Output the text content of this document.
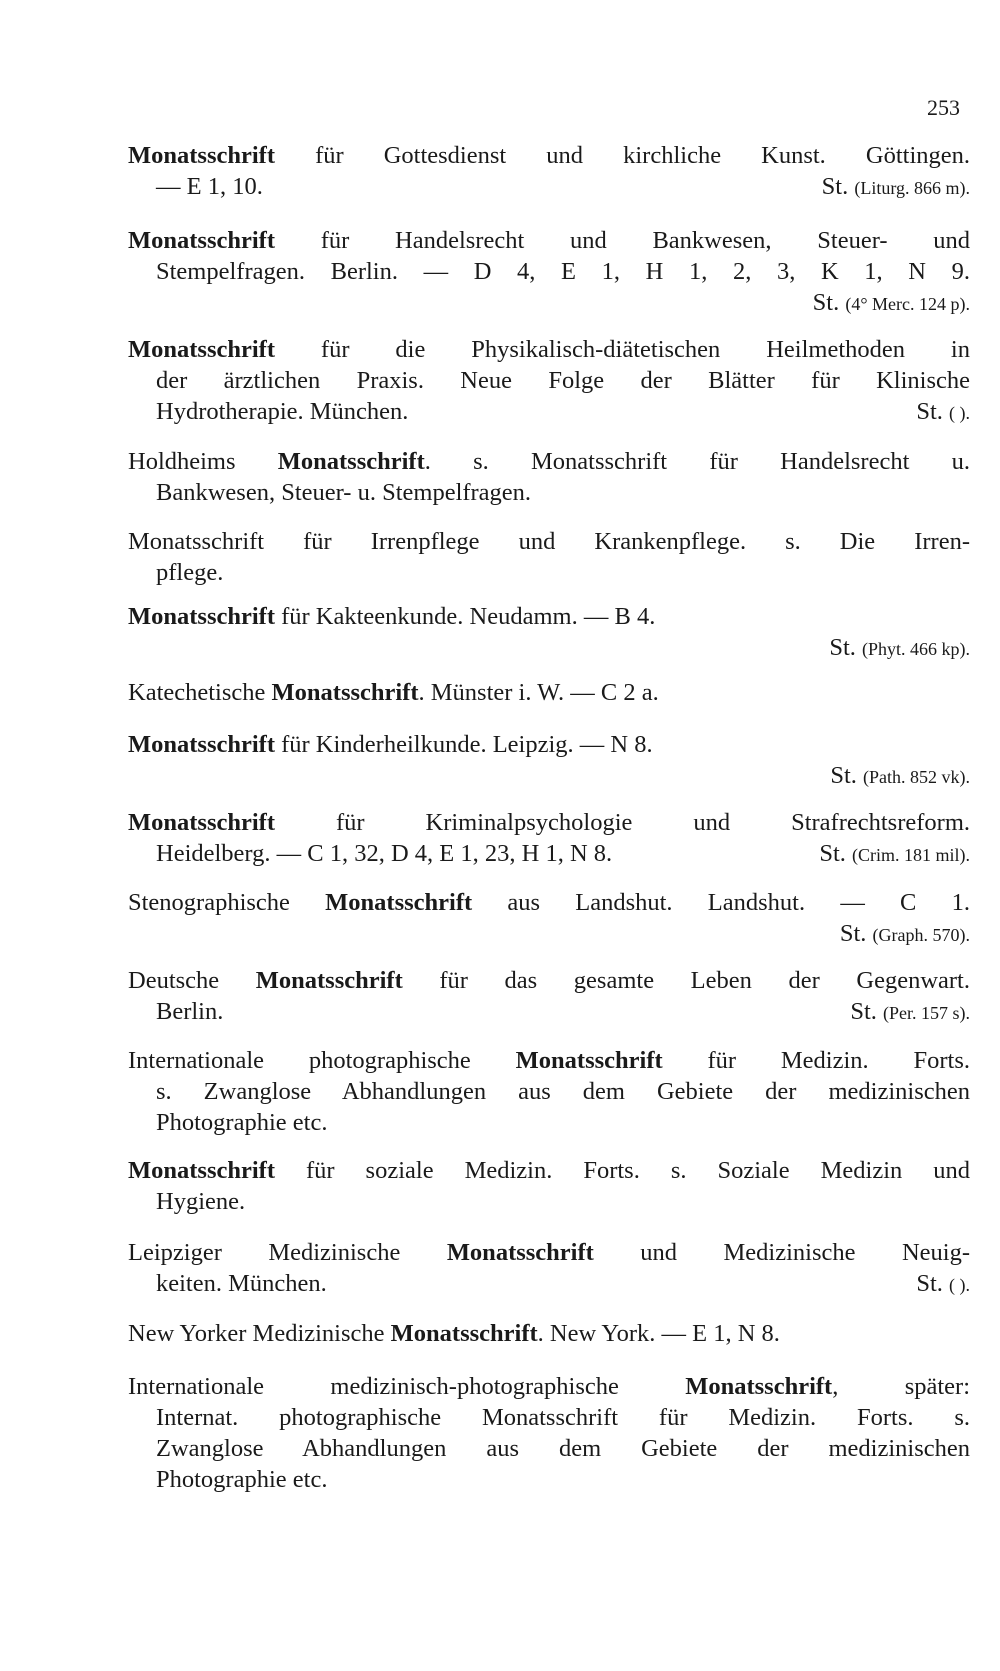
253
Monatsschrift für Gottesdienst und kirchliche Kunst. Göttingen.
— E 1, 10.	St. (Liturg. 866 m).
Monatsschrift für Handelsrecht und Bankwesen, Steuer- und
Stempelfragen. Berlin. — D 4, E 1, H 1, 2, 3, K 1, N 9.
St. (4° Merc. 124 p).
Monatsschrift für die Physikalisch-diätetischen Heilmethoden in
der ärztlichen Praxis. Neue Folge der Blätter für Klinische
Hydrotherapie. München.	St. ( ).
Holdheims Monatsschrift. s. Monatsschrift für Handelsrecht u.
Bankwesen, Steuer- u. Stempelfragen.
Monatsschrift für Irrenpflege und Krankenpflege. s. Die Irren-
pflege.
Monatsschrift für Kakteenkunde. Neudamm. — B 4.
St. (Phyt. 466 kp).
Katechetische Monatsschrift. Münster i. W. — C 2 a.
Monatsschrift für Kinderheilkunde. Leipzig. — N 8.
St. (Path. 852 vk).
Monatsschrift für Kriminalpsychologie und Strafrechtsreform.
Heidelberg. — C 1, 32, D 4, E 1, 23, H 1, N 8.	St. (Crim. 181 mil).
Stenographische Monatsschrift aus Landshut. Landshut. — C 1.
St. (Graph. 570).
Deutsche Monatsschrift für das gesamte Leben der Gegenwart.
Berlin.	St. (Per. 157 s).
Internationale photographische Monatsschrift für Medizin. Forts.
s. Zwanglose Abhandlungen aus dem Gebiete der medizinischen
Photographie etc.
Monatsschrift für soziale Medizin. Forts. s. Soziale Medizin und
Hygiene.
Leipziger Medizinische Monatsschrift und Medizinische Neuig-
keiten. München.	St. ( ).
New Yorker Medizinische Monatsschrift. New York. — E 1, N 8.
Internationale medizinisch-photographische Monatsschrift, später:
Internat. photographische Monatsschrift für Medizin. Forts. s.
Zwanglose Abhandlungen aus dem Gebiete der medizinischen
Photographie etc.
